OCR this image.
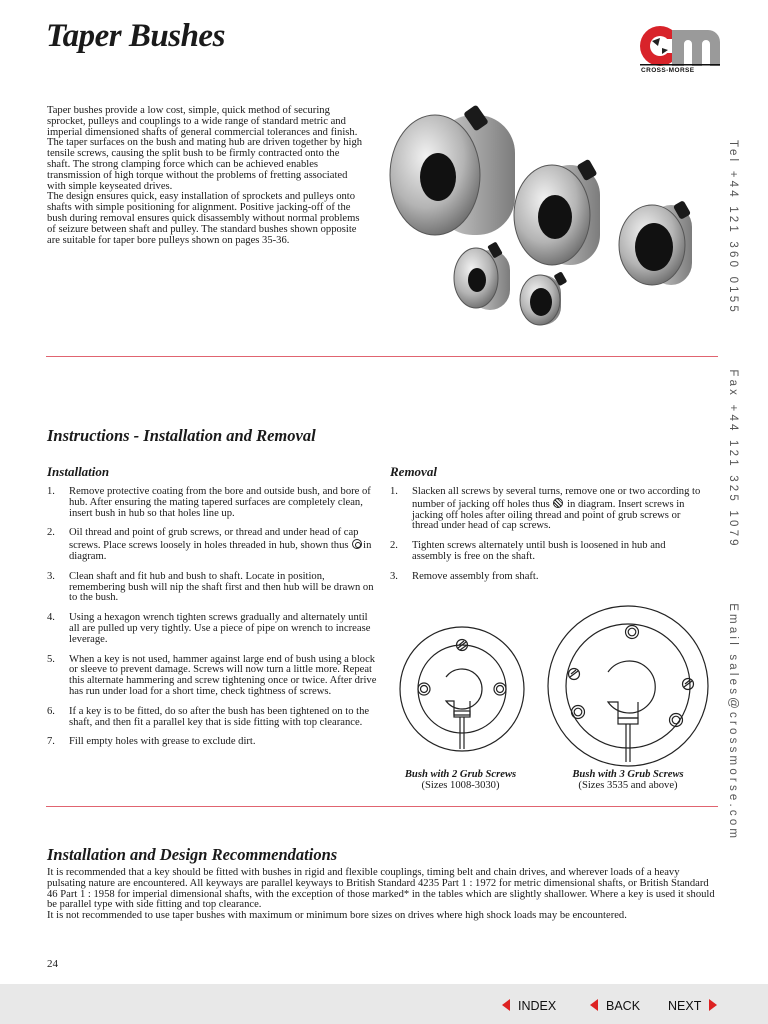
Taper Bushes
CROSS-MORSE

Taper bushes provide a low cost, simple, quick method of securing sprocket, pulleys and couplings to a wide range of standard metric and imperial dimensioned shafts of general commercial tolerances and finish.

The taper surfaces on the bush and mating hub are driven together by high tensile screws, causing the split bush to be firmly contracted onto the shaft. The strong clamping force which can be achieved enables transmission of high torque without the problems of fretting associated with simple keyseated drives.

The design ensures quick, easy installation of sprockets and pulleys onto shafts with simple positioning for alignment. Positive jacking-off of the bush during removal ensures quick disassembly without normal problems of seizure between shaft and pulley. The standard bushes shown opposite are suitable for taper bore pulleys shown on pages 35-36.	Tel +44 121 360 0155 Fax +44 121 325 1079 Email sales@crossmorse.com
Instructions - Installation and Removal
Installation
1. Remove protective coating from the bore and outside bush, and bore of hub. After ensuring the mating tapered surfaces are completely clean, insert bush in hub so that holes line up.
2. Oil thread and point of grub screws, or thread and under head of cap screws. Place screws loosely in holes threaded in hub, shown thus in diagram.
3. Clean shaft and fit hub and bush to shaft. Locate in position, remembering bush will nip the shaft first and then hub will be drawn on to the bush.
4. Using a hexagon wrench tighten screws gradually and alternately until all are pulled up very tightly. Use a piece of pipe on wrench to increase leverage.
5. When a key is not used, hammer against large end of bush using a block or sleeve to prevent damage. Screws will now turn a little more. Repeat this alternate hammering and screw tightening once or twice. After drive has run under load for a short time, check tightness of screws.
6. If a key is to be fitted, do so after the bush has been tightened on to the shaft, and then fit a parallel key that is side fitting with top clearance.
7. Fill empty holes with grease to exclude dirt.
Removal
1. Slacken all screws by several turns, remove one or two according to number of jacking off holes thus  in diagram. Insert screws in jacking off holes after oiling thread and point of grub screws or thread under head of cap screws.
2. Tighten screws alternately until bush is loosened in hub and assembly is free on the shaft.
3. Remove assembly from shaft.
Bush with 2 Grub Screws
(Sizes 1008-3030)
Bush with 3 Grub Screws
(Sizes 3535 and above)
Installation and Design Recommendations

It is recommended that a key should be fitted with bushes in rigid and flexible couplings, timing belt and chain drives, and wherever loads of a heavy pulsating nature are encountered. All keyways are parallel keyways to British Standard 4235 Part 1 : 1972 for metric dimensional shafts, or British Standard 46 Part 1 : 1958 for imperial dimensional shafts, with the exception of those marked* in the tables which are slightly shallower. Where a key is used it should be parallel type with side fitting and top clearance.

It is not recommended to use taper bushes with maximum or minimum bore sizes on drives where high shock loads may be encountered.

24
INDEX	BACK NEXT
